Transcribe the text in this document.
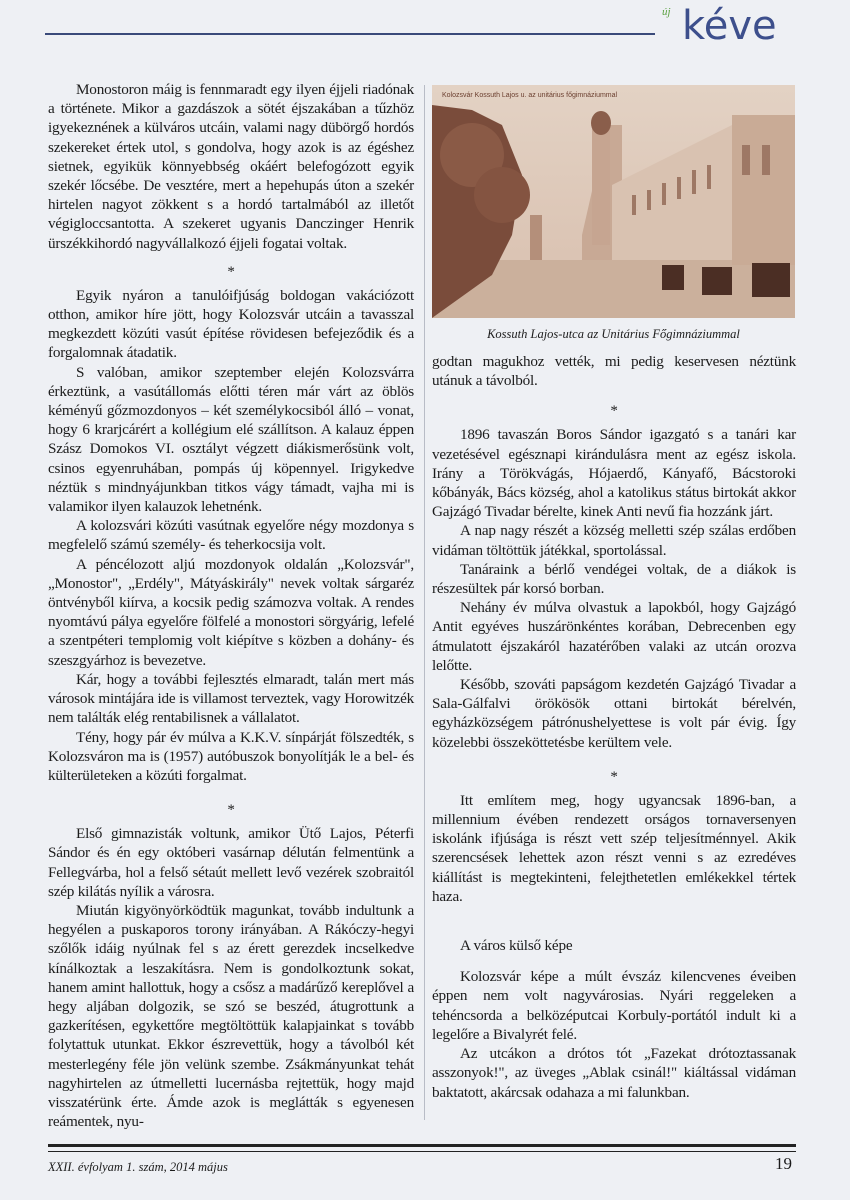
új kéve

Monostoron máig is fennmaradt egy ilyen éjjeli riadónak a története. Mikor a gazdászok a sötét éjszakában a tűzhöz igyekeznének a külváros utcáin, valami nagy dübörgő hordós szekereket értek utol, s gondolva, hogy azok is az égéshez sietnek, egyikük könnyebbség okáért belefogózott egyik szekér lőcsébe. De vesztére, mert a hepehupás úton a szekér hirtelen nagyot zökkent s a hordó tartalmából az illetőt végigloccsantotta. A szekeret ugyanis Danczinger Henrik ürszékkihordó nagyvállalkozó éjjeli fogatai voltak.

*

Egyik nyáron a tanulóifjúság boldogan vakációzott otthon, amikor híre jött, hogy Kolozsvár utcáin a tavasszal megkezdett közúti vasút építése rövidesen befejeződik és a forgalomnak átadatik.

S valóban, amikor szeptember elején Kolozsvárra érkeztünk, a vasútállomás előtti téren már várt az öblös kéményű gőzmozdonyos – két személykocsiból álló – vonat, hogy 6 krarjcárért a kollégium elé szállítson. A kalauz éppen Szász Domokos VI. osztályt végzett diákismerősünk volt, csinos egyenruhában, pompás új köpennyel. Irigykedve néztük s mindnyájunkban titkos vágy támadt, vajha mi is valamikor ilyen kalauzok lehetnénk.

A kolozsvári közúti vasútnak egyelőre négy mozdonya s megfelelő számú személy- és teherkocsija volt.

A péncélozott aljú mozdonyok oldalán „Kolozsvár", „Monostor", „Erdély", Mátyáskirály" nevek voltak sárgaréz öntvényből kiírva, a kocsik pedig számozva voltak. A rendes nyomtávú pálya egyelőre fölfelé a monostori sörgyárig, lefelé a szentpéteri templomig volt kiépítve s közben a dohány- és szeszgyárhoz is bevezetve.

Kár, hogy a további fejlesztés elmaradt, talán mert más városok mintájára ide is villamost terveztek, vagy Horowitzék nem találták elég rentabilisnek a vállalatot.

Tény, hogy pár év múlva a K.K.V. sínpárját fölszedték, s Kolozsváron ma is (1957) autóbuszok bonyolítják le a bel- és külterületeken a közúti forgalmat.

*

Első gimnazisták voltunk, amikor Ütő Lajos, Péterfi Sándor és én egy októberi vasárnap délután felmentünk a Fellegvárba, hol a felső sétaút mellett levő vezérek szobraitól szép kilátás nyílik a városra.

Miután kigyönyörködtük magunkat, tovább indultunk a hegyélen a puskaporos torony irányában. A Rákóczy-hegyi szőlők idáig nyúlnak fel s az érett gerezdek incselkedve kínálkoztak a leszakításra. Nem is gondolkoztunk sokat, hanem amint hallottuk, hogy a csősz a madárűző kereplővel a hegy aljában dolgozik, se szó se beszéd, átugrottunk a gazkerítésen, egykettőre megtöltöttük kalapjainkat s tovább folytattuk utunkat. Ekkor észrevettük, hogy a távolból két mesterlegény féle jön velünk szembe. Zsákmányunkat tehát nagyhirtelen az útmelletti lucernásba rejtettük, hogy majd visszatérünk érte. Ámde azok is meglátták s egyenesen reámentek, nyu-

Kolozsvár Kossuth Lajos u. az unitárius főgimnáziummal
Kossuth Lajos-utca az Unitárius Főgimnáziummal

godtan magukhoz vették, mi pedig keservesen néztünk utánuk a távolból.

*

1896 tavaszán Boros Sándor igazgató s a tanári kar vezetésével egésznapi kirándulásra ment az egész iskola. Irány a Törökvágás, Hójaerdő, Kányafő, Bácstoroki kőbányák, Bács község, ahol a katolikus státus birtokát akkor Gajzágó Tivadar bérelte, kinek Anti nevű fia hozzánk járt.

A nap nagy részét a község melletti szép szálas erdőben vidáman töltöttük játékkal, sportolással.

Tanáraink a bérlő vendégei voltak, de a diákok is részesültek pár korsó borban.

Nehány év múlva olvastuk a lapokból, hogy Gajzágó Antit egyéves huszárönkéntes korában, Debrecenben egy átmulatott éjszakáról hazatérőben valaki az utcán orozva lelőtte.

Később, szováti papságom kezdetén Gajzágó Tivadar a Sala-Gálfalvi örökösök ottani birtokát bérelvén, egyházközségem pátrónushelyettese is volt pár évig. Így közelebbi összeköttetésbe kerültem vele.

*

Itt említem meg, hogy ugyancsak 1896-ban, a millennium évében rendezett orságos tornaversenyen iskolánk ifjúsága is részt vett szép teljesítménnyel. Akik szerencsések lehettek azon részt venni s az ezredéves kiállítást is megtekinteni, felejthetetlen emlékekkel tértek haza.

A város külső képe

Kolozsvár képe a múlt évszáz kilencvenes éveiben éppen nem volt nagyvárosias. Nyári reggeleken a tehéncsorda a belközéputcai Korbuly-portától indult ki a legelőre a Bivalyrét felé.

Az utcákon a drótos tót „Fazekat drótoztassanak asszonyok!", az üveges „Ablak csinál!" kiáltással vidáman baktatott, akárcsak odahaza a mi falunkban.

XXII. évfolyam 1. szám, 2014 május	19
